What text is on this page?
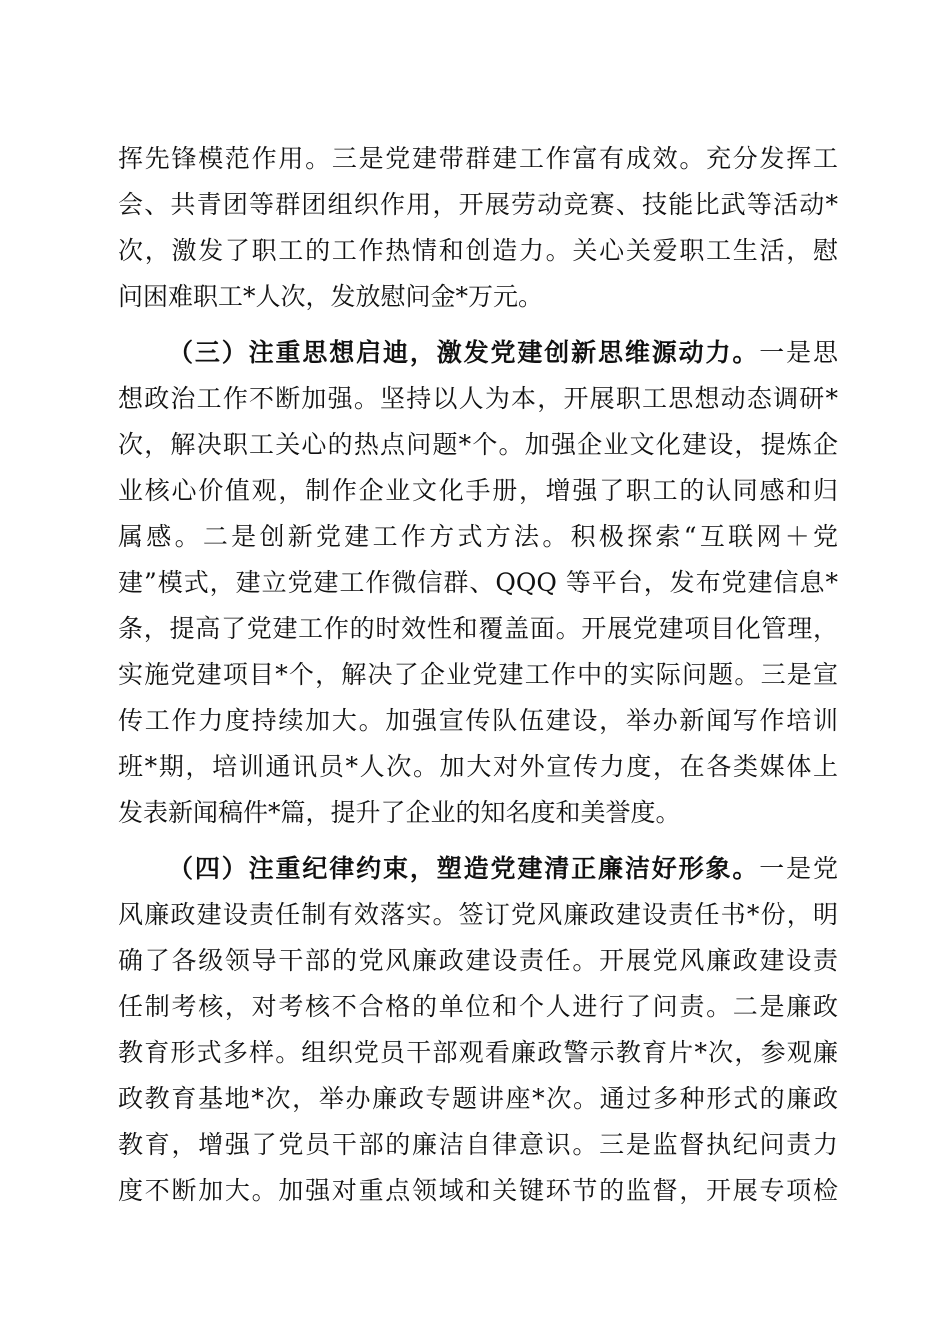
挥先锋模范作用。三是党建带群建工作富有成效。充分发挥工
会、共青团等群团组织作用，开展劳动竞赛、技能比武等活动*
次，激发了职工的工作热情和创造力。关心关爱职工生活，慰
问困难职工*人次，发放慰问金*万元。
（三）注重思想启迪，激发党建创新思维源动力。一是思
想政治工作不断加强。坚持以人为本，开展职工思想动态调研*
次，解决职工关心的热点问题*个。加强企业文化建设，提炼企
业核心价值观，制作企业文化手册，增强了职工的认同感和归
属感。二是创新党建工作方式方法。积极探索“互联网＋党
建”模式，建立党建工作微信群、QQQ 等平台，发布党建信息*
条，提高了党建工作的时效性和覆盖面。开展党建项目化管理，
实施党建项目*个，解决了企业党建工作中的实际问题。三是宣
传工作力度持续加大。加强宣传队伍建设，举办新闻写作培训
班*期，培训通讯员*人次。加大对外宣传力度，在各类媒体上
发表新闻稿件*篇，提升了企业的知名度和美誉度。
（四）注重纪律约束，塑造党建清正廉洁好形象。一是党
风廉政建设责任制有效落实。签订党风廉政建设责任书*份，明
确了各级领导干部的党风廉政建设责任。开展党风廉政建设责
任制考核，对考核不合格的单位和个人进行了问责。二是廉政
教育形式多样。组织党员干部观看廉政警示教育片*次，参观廉
政教育基地*次，举办廉政专题讲座*次。通过多种形式的廉政
教育，增强了党员干部的廉洁自律意识。三是监督执纪问责力
度不断加大。加强对重点领域和关键环节的监督，开展专项检
